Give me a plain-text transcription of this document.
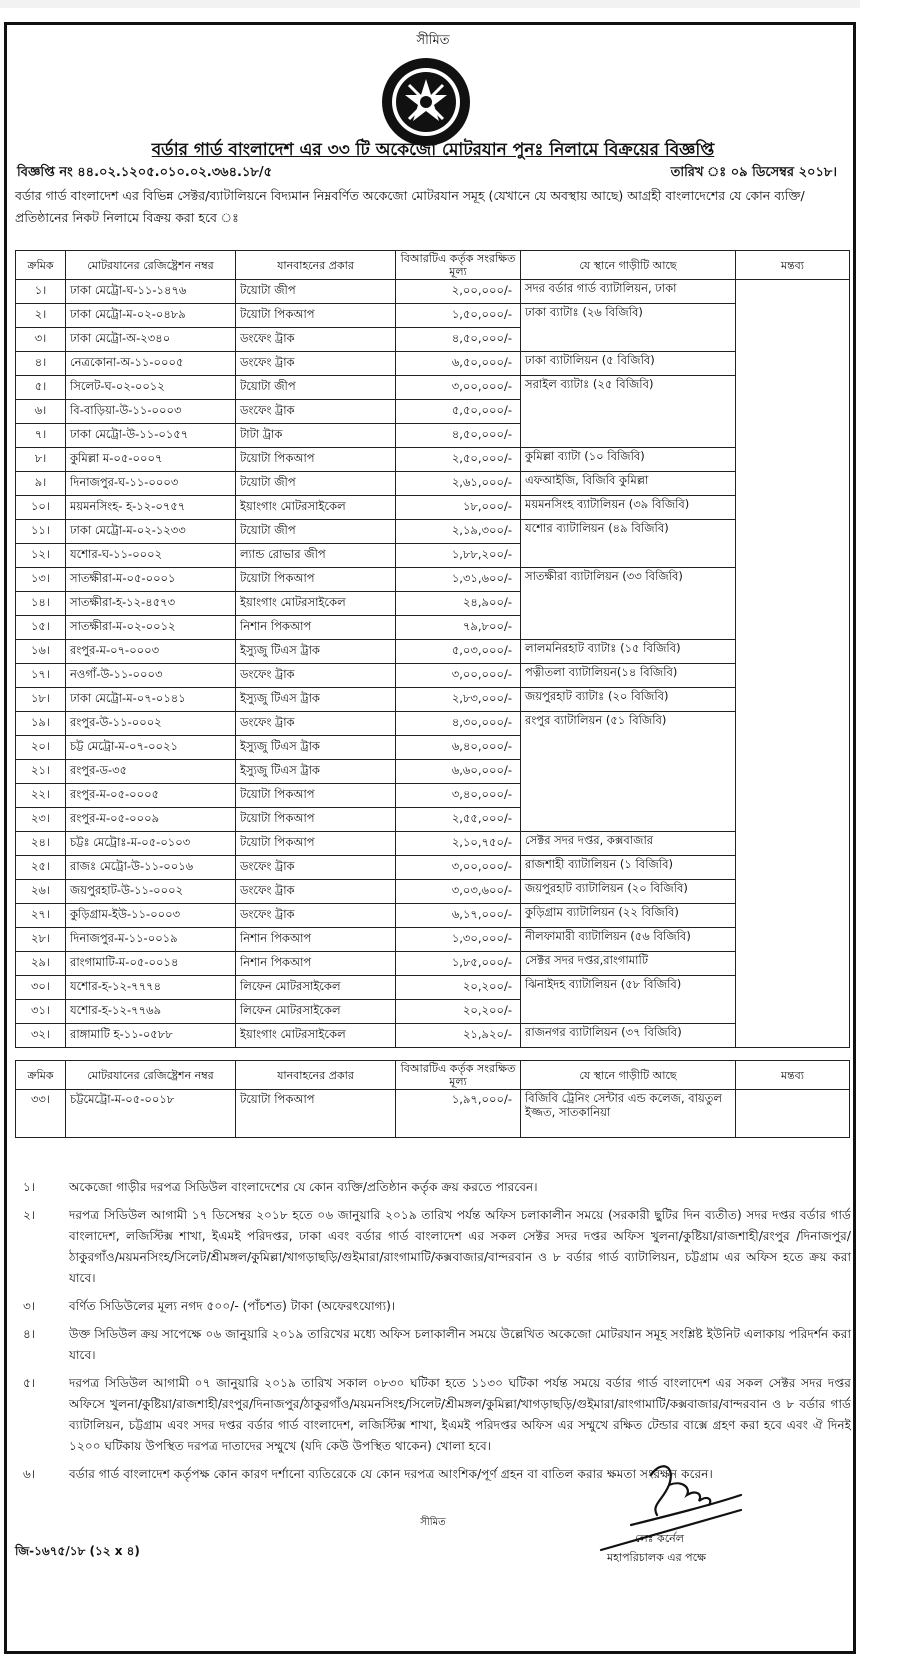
সীমিত
বর্ডার গার্ড বাংলাদেশ এর ৩৩ টি অকেজো মোটরযান পুনঃ নিলামে বিক্রয়ের বিজ্ঞপ্তি
বিজ্ঞপ্তি নং ৪৪.০২.১২০৫.০১০.০২.৩৬৪.১৮/৫	তারিখ ঃ ০৯ ডিসেম্বর ২০১৮।
বর্ডার গার্ড বাংলাদেশ এর বিভিন্ন সেক্টর/ব্যাটালিয়নে বিদ্যমান নিম্নবর্ণিত অকেজো মোটরযান সমূহ (যেখানে যে অবস্থায় আছে) আগ্রহী বাংলাদেশের যে কোন ব্যক্তি/প্রতিষ্ঠানের নিকট নিলামে বিক্রয় করা হবে ঃ
ক্রমিক	মোটরযানের রেজিষ্ট্রেশন নম্বর	যানবাহনের প্রকার	বিআরটিএ কর্তৃক সংরক্ষিত মূল্য	যে স্থানে গাড়ীটি আছে	মন্তব্য
১।	ঢাকা মেট্রো-ঘ-১১-১৪৭৬	টয়োটা জীপ	২,০০,০০০/-	সদর বর্ডার গার্ড ব্যাটালিয়ন, ঢাকা	
২।	ঢাকা মেট্রো-ম-০২-০৪৮৯	টয়োটা পিকআপ	১,৫০,০০০/-	ঢাকা ব্যাটাঃ (২৬ বিজিবি)	
৩।	ঢাকা মেট্রো-অ-২৩৪০	ডংফেং ট্রাক	৪,৫০,০০০/-		
৪।	নেত্রকোনা-অ-১১-০০০৫	ডংফেং ট্রাক	৬,৫০,০০০/-	ঢাকা ব্যাটালিয়ন (৫ বিজিবি)	
৫।	সিলেট-ঘ-০২-০০১২	টয়োটা জীপ	৩,০০,০০০/-	সরাইল ব্যাটাঃ (২৫ বিজিবি)	
৬।	বি-বাড়িয়া-উ-১১-০০০৩	ডংফেং ট্রাক	৫,৫০,০০০/-		
৭।	ঢাকা মেট্রো-উ-১১-০১৫৭	টাটা ট্রাক	৪,৫০,০০০/-		
৮।	কুমিল্লা ম-০৫-০০০৭	টয়োটা পিকআপ	২,৫০,০০০/-	কুমিল্লা ব্যাটা (১০ বিজিবি)	
৯।	দিনাজপুর-ঘ-১১-০০০৩	টয়োটা জীপ	২,৬১,০০০/-	এফআইজি, বিজিবি কুমিল্লা	
১০।	ময়মনসিংহ- হ-১২-০৭৫৭	ইয়াংগাং মোটরসাইকেল	১৮,০০০/-	ময়মনসিংহ ব্যাটালিয়ন (৩৯ বিজিবি)	
১১।	ঢাকা মেট্রো-ম-০২-১২৩৩	টয়োটা জীপ	২,১৯,৩০০/-	যশোর ব্যাটালিয়ন (৪৯ বিজিবি)	
১২।	যশোর-ঘ-১১-০০০২	ল্যান্ড রোভার জীপ	১,৮৮,২০০/-		
১৩।	সাতক্ষীরা-ম-০৫-০০০১	টয়োটা পিকআপ	১,৩১,৬০০/-	সাতক্ষীরা ব্যাটালিয়ন (৩৩ বিজিবি)	
১৪।	সাতক্ষীরা-হ-১২-৪৫৭৩	ইয়াংগাং মোটরসাইকেল	২৪,৯০০/-		
১৫।	সাতক্ষীরা-ম-০২-০০১২	নিশান পিকআপ	৭৯,৮০০/-		
১৬।	রংপুর-ম-০৭-০০০৩	ইস্যুজু টিএস ট্রাক	৫,০৩,০০০/-	লালমনিরহাট ব্যাটাঃ (১৫ বিজিবি)	
১৭।	নওগাঁ-উ-১১-০০০৩	ডংফেং ট্রাক	৩,০০,০০০/-	পত্নীতলা ব্যাটালিয়ন(১৪ বিজিবি)	
১৮।	ঢাকা মেট্রো-ম-০৭-০১৪১	ইস্যুজু টিএস ট্রাক	২,৮৩,০০০/-	জয়পুরহাট ব্যাটাঃ (২০ বিজিবি)	
১৯।	রংপুর-উ-১১-০০০২	ডংফেং ট্রাক	৪,৩০,০০০/-	রংপুর ব্যাটালিয়ন (৫১ বিজিবি)	
২০।	চট্ট মেট্রো-ম-০৭-০০২১	ইস্যুজু টিএস ট্রাক	৬,৪০,০০০/-		
২১।	রংপুর-ড-৩৫	ইস্যুজু টিএস ট্রাক	৬,৬০,০০০/-		
২২।	রংপুর-ম-০৫-০০০৫	টয়োটা পিকআপ	৩,৪০,০০০/-		
২৩।	রংপুর-ম-০৫-০০০৯	টয়োটা পিকআপ	২,৫৫,০০০/-		
২৪।	চট্টঃ মেট্রোঃ-ম-০৫-০১০৩	টয়োটা পিকআপ	২,১০,৭৫০/-	সেক্টর সদর দপ্তর, কক্সবাজার	
২৫।	রাজঃ মেট্রো-উ-১১-০০১৬	ডংফেং ট্রাক	৩,০০,০০০/-	রাজশাহী ব্যাটালিয়ন (১ বিজিবি)	
২৬।	জয়পুরহাট-উ-১১-০০০২	ডংফেং ট্রাক	৩,০৩,৬০০/-	জয়পুরহাট ব্যাটালিয়ন (২০ বিজিবি)	
২৭।	কুড়িগ্রাম-ইউ-১১-০০০৩	ডংফেং ট্রাক	৬,১৭,০০০/-	কুড়িগ্রাম ব্যাটালিয়ন (২২ বিজিবি)	
২৮।	দিনাজপুর-ম-১১-০০১৯	নিশান পিকআপ	১,৩০,০০০/-	নীলফামারী ব্যাটালিয়ন (৫৬ বিজিবি)	
২৯।	রাংগামাটি-ম-০৫-০০১৪	নিশান পিকআপ	১,৮৫,০০০/-	সেক্টর সদর দপ্তর,রাংগামাটি	
৩০।	যশোর-হ-১২-৭৭৭৪	লিফেন মোটরসাইকেল	২০,২০০/-	ঝিনাইদহ ব্যাটালিয়ন (৫৮ বিজিবি)	
৩১।	যশোর-হ-১২-৭৭৬৯	লিফেন মোটরসাইকেল	২০,২০০/-		
৩২।	রাঙ্গামাটি হ-১১-০৫৮৮	ইয়াংগাং মোটরসাইকেল	২১,৯২০/-	রাজনগর ব্যাটালিয়ন (৩৭ বিজিবি)	
ক্রমিক	মোটরযানের রেজিষ্ট্রেশন নম্বর	যানবাহনের প্রকার	বিআরটিএ কর্তৃক সংরক্ষিত মূল্য	যে স্থানে গাড়ীটি আছে	মন্তব্য
৩৩।	চট্টমেট্রো-ম-০৫-০০১৮	টয়োটা পিকআপ	১,৯৭,০০০/-	বিজিবি ট্রেনিং সেন্টার এন্ড কলেজ, বায়তুল ইজ্জত, সাতকানিয়া	
১।	অকেজো গাড়ীর দরপত্র সিডিউল বাংলাদেশের যে কোন ব্যক্তি/প্রতিষ্ঠান কর্তৃক ক্রয় করতে পারবেন।
২।	দরপত্র সিডিউল আগামী ১৭ ডিসেম্বর ২০১৮ হতে ০৬ জানুয়ারি ২০১৯ তারিখ পর্যন্ত অফিস চলাকালীন সময়ে (সরকারী ছুটির দিন ব্যতীত) সদর দপ্তর বর্ডার গার্ড বাংলাদেশ, লজিস্টিক্স শাখা, ইএমই পরিদপ্তর, ঢাকা এবং বর্ডার গার্ড বাংলাদেশ এর সকল সেক্টর সদর দপ্তর অফিস খুলনা/কুষ্টিয়া/রাজশাহী/রংপুর /দিনাজপুর/ঠাকুরগাঁও/ময়মনসিংহ/সিলেট/শ্রীমঙ্গল/কুমিল্লা/খাগড়াছড়ি/গুইমারা/রাংগামাটি/কক্সবাজার/বান্দরবান ও ৮ বর্ডার গার্ড ব্যাটালিয়ন, চট্টগ্রাম এর অফিস হতে ক্রয় করা যাবে।
৩।	বর্ণিত সিডিউলের মূল্য নগদ ৫০০/- (পাঁচশত) টাকা (অফেরৎযোগ্য)।
৪।	উক্ত সিডিউল ক্রয় সাপেক্ষে ০৬ জানুয়ারি ২০১৯ তারিখের মধ্যে অফিস চলাকালীন সময়ে উল্লেখিত অকেজো মোটরযান সমূহ সংশ্লিষ্ট ইউনিট এলাকায় পরিদর্শন করা যাবে।
৫।	দরপত্র সিডিউল আগামী ০৭ জানুয়ারি ২০১৯ তারিখ সকাল ০৮৩০ ঘটিকা হতে ১১৩০ ঘটিকা পর্যন্ত সময়ে বর্ডার গার্ড বাংলাদেশ এর সকল সেক্টর সদর দপ্তর অফিসে খুলনা/কুষ্টিয়া/রাজশাহী/রংপুর/দিনাজপুর/ঠাকুরগাঁও/ময়মনসিংহ/সিলেট/শ্রীমঙ্গল/কুমিল্লা/খাগড়াছড়ি/গুইমারা/রাংগামাটি/কক্সবাজার/বান্দরবান ও ৮ বর্ডার গার্ড ব্যাটালিয়ন, চট্টগ্রাম এবং সদর দপ্তর বর্ডার গার্ড বাংলাদেশ, লজিস্টিক্স শাখা, ইএমই পরিদপ্তর অফিস এর সম্মুখে রক্ষিত টেন্ডার বাক্সে গ্রহণ করা হবে এবং ঐ দিনই ১২০০ ঘটিকায় উপস্থিত দরপত্র দাতাদের সম্মুখে (যদি কেউ উপস্থিত থাকেন) খোলা হবে।
৬।	বর্ডার গার্ড বাংলাদেশ কর্তৃপক্ষ কোন কারণ দর্শানো ব্যতিরেকে যে কোন দরপত্র আংশিক/পূর্ণ গ্রহন বা বাতিল করার ক্ষমতা সংরক্ষন করেন।
সীমিত
লেঃ কর্নেল
মহাপরিচালক এর পক্ষে
জি-১৬৭৫/১৮ (১২ x ৪)
